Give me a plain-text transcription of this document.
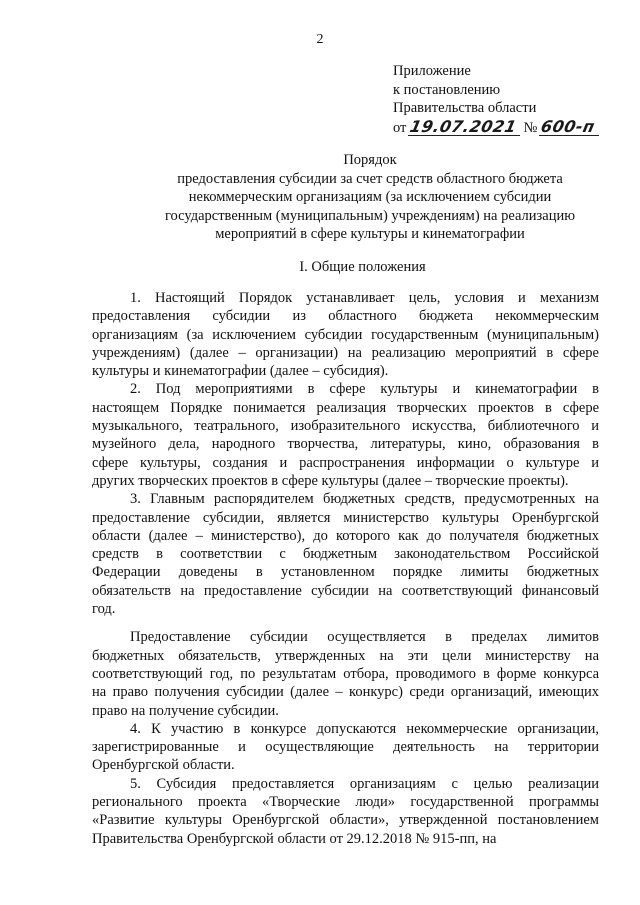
2
Приложение
к постановлению
Правительства области
от 19.07.2021 № 600-п
Порядок
предоставления субсидии за счет средств областного бюджета
некоммерческим организациям (за исключением субсидии
государственным (муниципальным) учреждениям) на реализацию
мероприятий в сфере культуры и кинематографии
I. Общие положения
1. Настоящий Порядок устанавливает цель, условия и механизм
предоставления субсидии из областного бюджета некоммерческим
организациям (за исключением субсидии государственным (муниципальным)
учреждениям) (далее – организации) на реализацию мероприятий в сфере
культуры и кинематографии (далее – субсидия).
2. Под мероприятиями в сфере культуры и кинематографии в
настоящем Порядке понимается реализация творческих проектов в сфере
музыкального, театрального, изобразительного искусства, библиотечного и
музейного дела, народного творчества, литературы, кино, образования в
сфере культуры, создания и распространения информации о культуре и
других творческих проектов в сфере культуры (далее – творческие проекты).
3. Главным распорядителем бюджетных средств, предусмотренных на
предоставление субсидии, является министерство культуры Оренбургской
области (далее – министерство), до которого как до получателя бюджетных
средств в соответствии с бюджетным законодательством Российской
Федерации доведены в установленном порядке лимиты бюджетных
обязательств на предоставление субсидии на соответствующий финансовый
год.
Предоставление субсидии осуществляется в пределах лимитов
бюджетных обязательств, утвержденных на эти цели министерству на
соответствующий год, по результатам отбора, проводимого в форме конкурса
на право получения субсидии (далее – конкурс) среди организаций, имеющих
право на получение субсидии.
4. К участию в конкурсе допускаются некоммерческие организации,
зарегистрированные и осуществляющие деятельность на территории
Оренбургской области.
5. Субсидия предоставляется организациям с целью реализации
регионального проекта «Творческие люди» государственной программы
«Развитие культуры Оренбургской области», утвержденной постановлением
Правительства Оренбургской области от 29.12.2018 № 915-пп, на
